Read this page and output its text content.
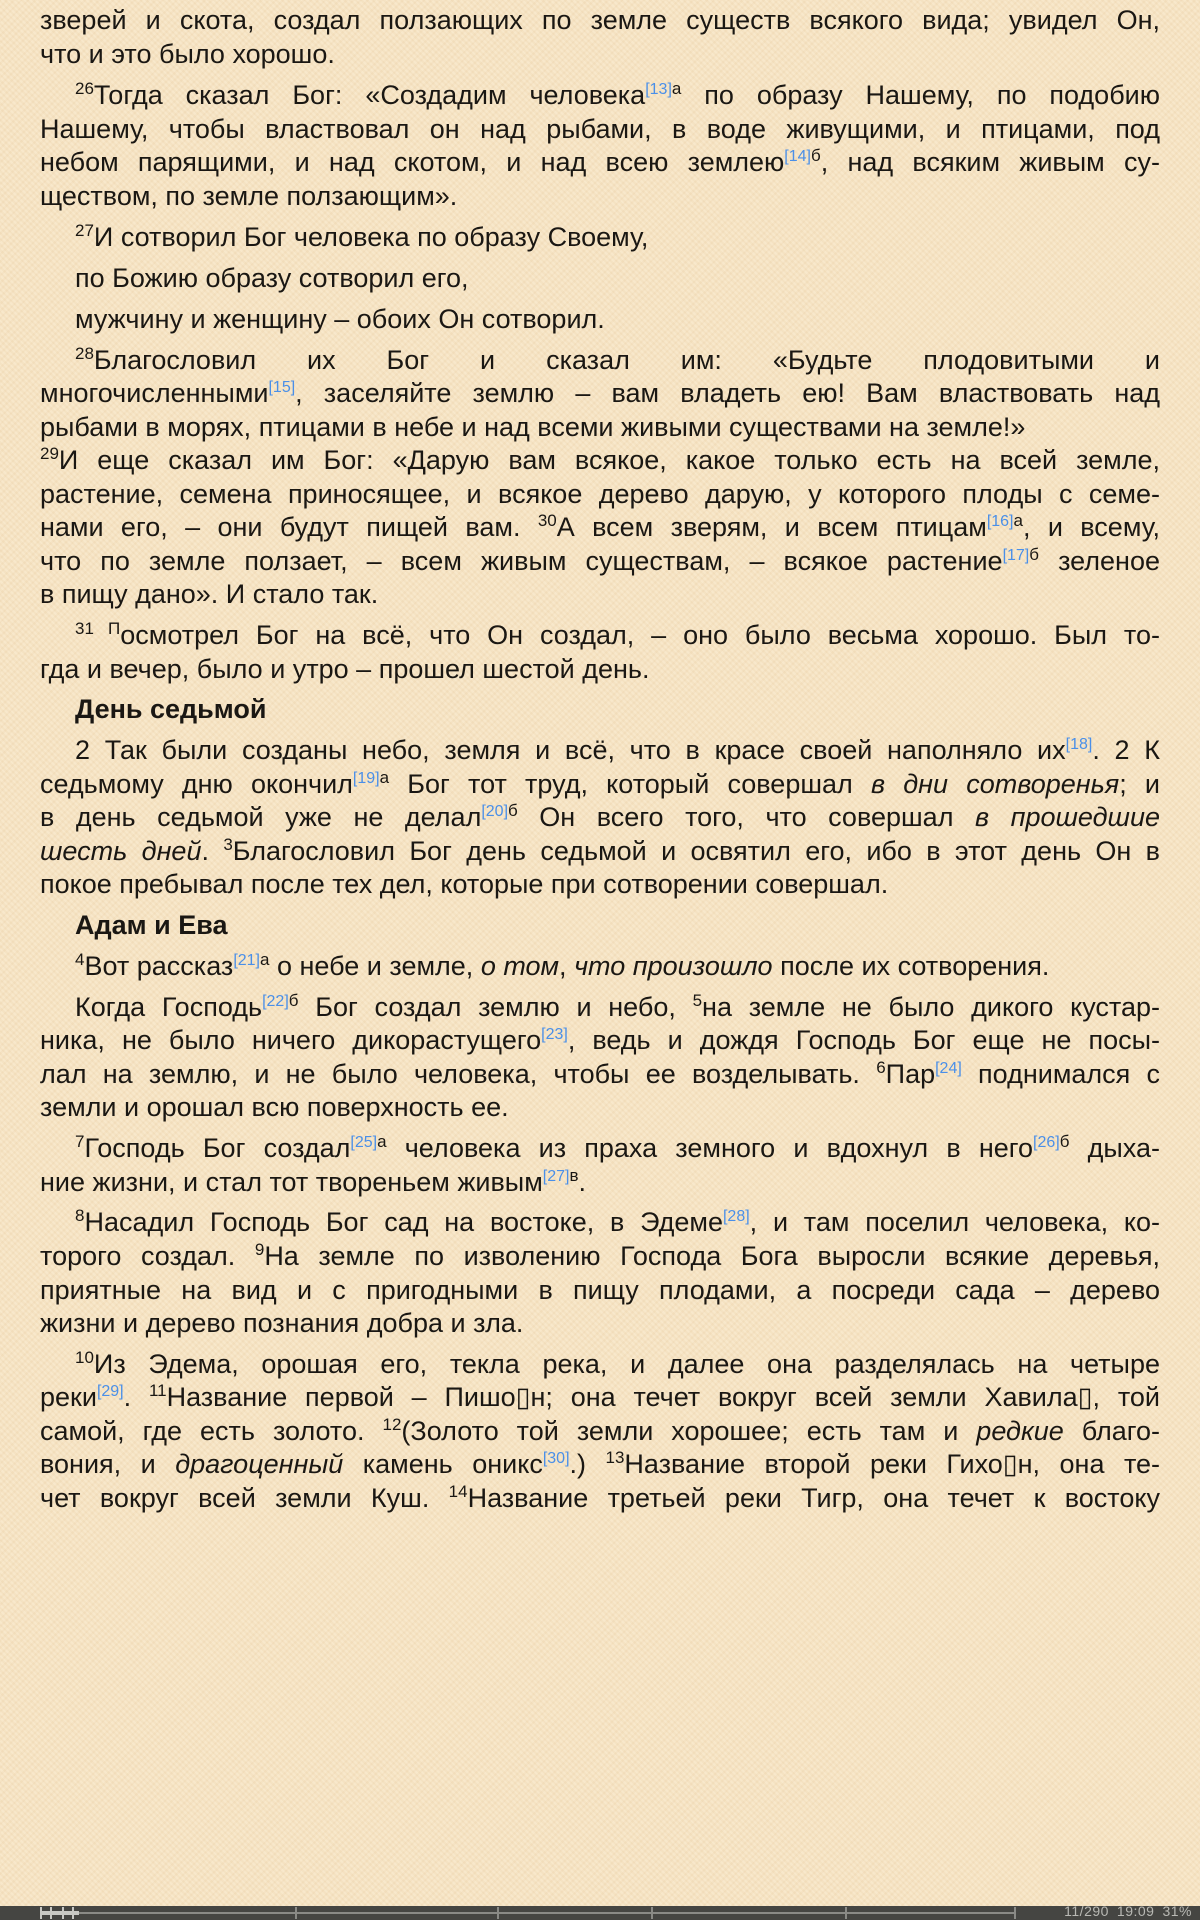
зверей и скота, создал ползающих по земле существ всякого вида; увидел Он,
что и это было хорошо.
$^{26}$Тогда сказал Бог: «Создадим человека$^{[13]а}$ по образу Нашему, по подобию
Нашему, чтобы властвовал он над рыбами, в воде живущими, и птицами, под
небом парящими, и над скотом, и над всею землею$^{[14]б}$, над всяким живым су-
ществом, по земле ползающим».
$^{27}$И сотворил Бог человека по образу Своему,
по Божию образу сотворил его,
мужчину и женщину – обоих Он сотворил.
$^{28}$Благословил их Бог и сказал им: «Будьте плодовитыми и
многочисленными[15], заселяйте землю – вам владеть ею! Вам властвовать над
рыбами в морях, птицами в небе и над всеми живыми существами на земле!»
$^{29}$И еще сказал им Бог: «Дарую вам всякое, какое только есть на всей земле,
растение, семена приносящее, и всякое дерево дарую, у которого плоды с семе-
нами его, – они будут пищей вам. $^{30}$А всем зверям, и всем птицам$^{[16]а}$, и всему,
что по земле ползает, – всем живым существам, – всякое растение$^{[17]б}$ зеленое
в пищу дано». И стало так.
$^{31 П}$осмотрел Бог на всё, что Он создал, – оно было весьма хорошо. Был то-
гда и вечер, было и утро – прошел шестой день.
День седьмой
2 Так были созданы небо, земля и всё, что в красе своей наполняло их[18]. 2 К
седьмому дню окончил$^{[19]а}$ Бог тот труд, который совершал в дни сотворенья; и
в день седьмой уже не делал$^{[20]б}$ Он всего того, что совершал в прошедшие
шесть дней. $^3$Благословил Бог день седьмой и освятил его, ибо в этот день Он в
покое пребывал после тех дел, которые при сотворении совершал.
Адам и Ева
$^4$Вот рассказ$^{[21]а}$ о небе и земле, о том, что произошло после их сотворения.
Когда Господь$^{[22]б}$ Бог создал землю и небо, $^5$на земле не было дикого кустар-
ника, не было ничего дикорастущего[23], ведь и дождя Господь Бог еще не посы-
лал на землю, и не было человека, чтобы ее возделывать. $^6$Пар[24] поднимался с
земли и орошал всю поверхность ее.
$^7$Господь Бог создал$^{[25]а}$ человека из праха земного и вдохнул в него$^{[26]б}$ дыха-
ние жизни, и стал тот твореньем живым$^{[27]в}$.
$^8$Насадил Господь Бог сад на востоке, в Эдеме[28], и там поселил человека, ко-
торого создал. $^9$На земле по изволению Господа Бога выросли всякие деревья,
приятные на вид и с пригодными в пищу плодами, а посреди сада – дерево
жизни и дерево познания добра и зла.
$^{10}$Из Эдема, орошая его, текла река, и далее она разделялась на четыре
реки[29]. $^{11}$Название первой – Пишо▯н; она течет вокруг всей земли Хавила▯, той
самой, где есть золото. $^{12}$(Золото той земли хорошее; есть там и редкие благо-
вония, и драгоценный камень оникс[30].) $^{13}$Название второй реки Гихо▯н, она те-
чет вокруг всей земли Куш. $^{14}$Название третьей реки Тигр, она течет к востоку
11/290 19:09 31%
